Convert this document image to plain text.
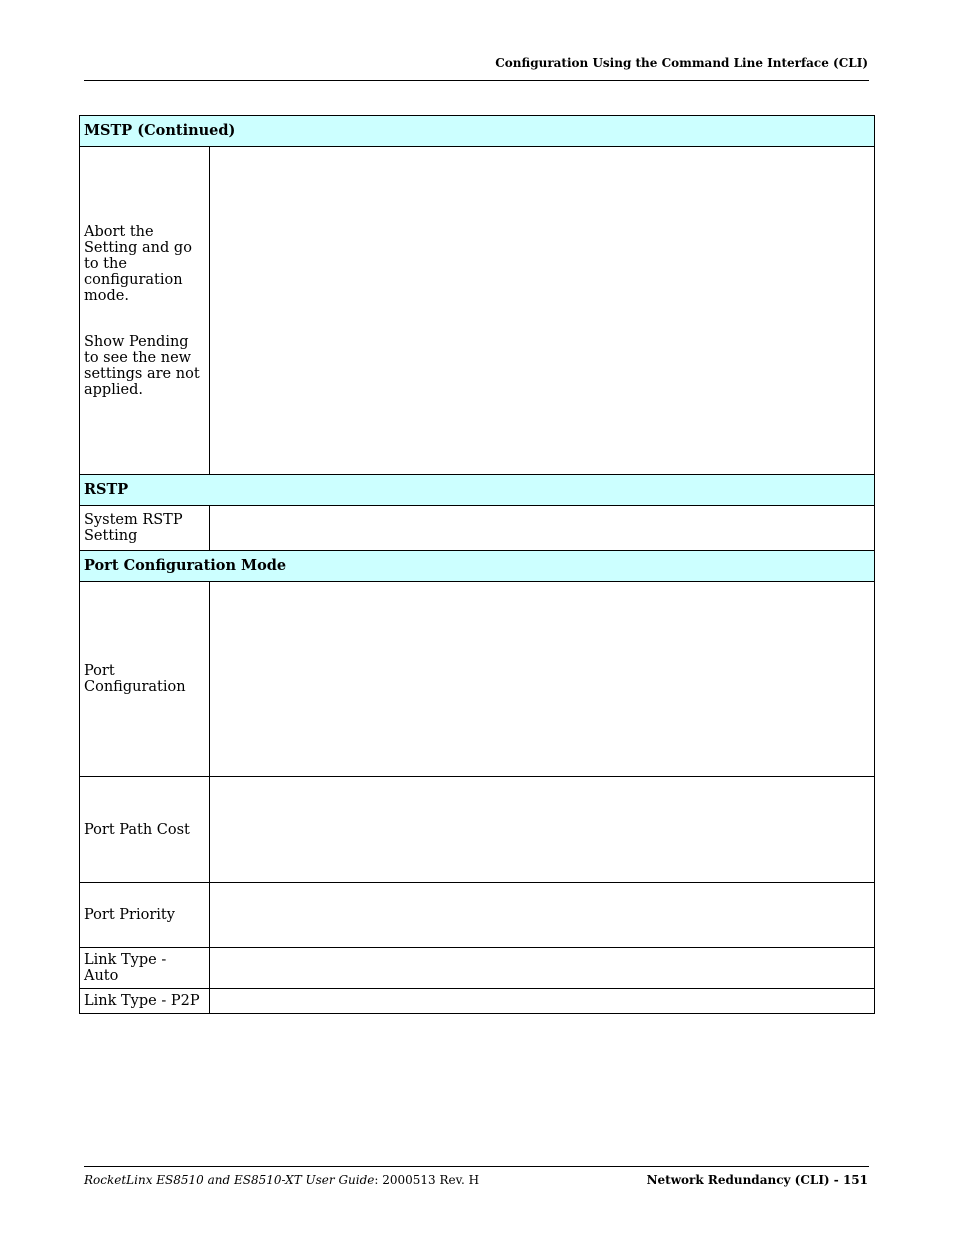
Configuration Using the Command Line Interface (CLI)
MSTP (Continued)	
Abort the Setting and go to the configuration mode.
Show Pending to see the new settings are not applied.	
RSTP	
System RSTP Setting	
Port Configuration Mode	
Port Configuration	
Port Path Cost	
Port Priority	
Link Type - Auto	
Link Type - P2P	
RocketLinx ES8510 and ES8510-XT User Guide: 2000513 Rev. H	Network Redundancy (CLI) - 151
